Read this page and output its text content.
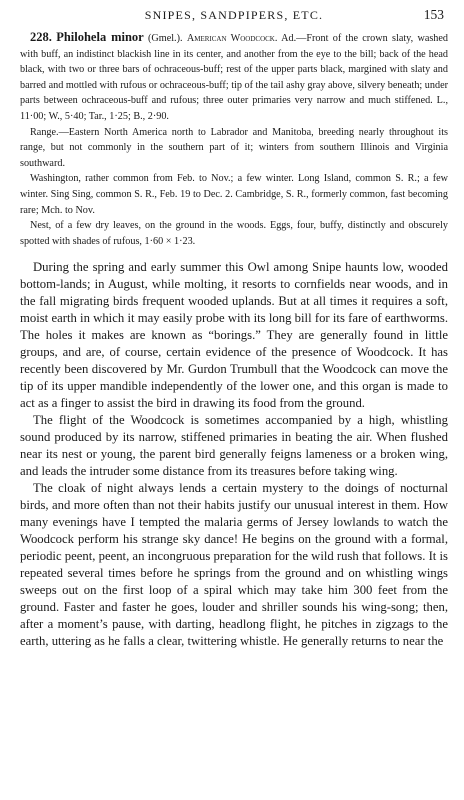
SNIPES, SANDPIPERS, ETC.	153

228. Philohela minor (Gmel.). American Woodcock. Ad.—Front of the crown slaty, washed with buff, an indistinct blackish line in its center, and another from the eye to the bill; back of the head black, with two or three bars of ochraceous-buff; rest of the upper parts black, margined with slaty and barred and mottled with rufous or ochraceous-buff; tip of the tail ashy gray above, silvery beneath; under parts between ochraceous-buff and rufous; three outer primaries very narrow and much stiffened. L., 11·00; W., 5·40; Tar., 1·25; B., 2·90.

Range.—Eastern North America north to Labrador and Manitoba, breeding nearly throughout its range, but not commonly in the southern part of it; winters from southern Illinois and Virginia southward.

Washington, rather common from Feb. to Nov.; a few winter. Long Island, common S. R.; a few winter. Sing Sing, common S. R., Feb. 19 to Dec. 2. Cambridge, S. R., formerly common, fast becoming rare; Mch. to Nov.

Nest, of a few dry leaves, on the ground in the woods. Eggs, four, buffy, distinctly and obscurely spotted with shades of rufous, 1·60 × 1·23.

During the spring and early summer this Owl among Snipe haunts low, wooded bottom-lands; in August, while molting, it resorts to cornfields near woods, and in the fall migrating birds frequent wooded uplands. But at all times it requires a soft, moist earth in which it may easily probe with its long bill for its fare of earthworms. The holes it makes are known as “borings.” They are generally found in little groups, and are, of course, certain evidence of the presence of Woodcock. It has recently been discovered by Mr. Gurdon Trumbull that the Woodcock can move the tip of its upper mandible independently of the lower one, and this organ is made to act as a finger to assist the bird in drawing its food from the ground.

The flight of the Woodcock is sometimes accompanied by a high, whistling sound produced by its narrow, stiffened primaries in beating the air. When flushed near its nest or young, the parent bird generally feigns lameness or a broken wing, and leads the intruder some distance from its treasures before taking wing.

The cloak of night always lends a certain mystery to the doings of nocturnal birds, and more often than not their habits justify our unusual interest in them. How many evenings have I tempted the malaria germs of Jersey lowlands to watch the Woodcock perform his strange sky dance! He begins on the ground with a formal, periodic peent, peent, an incongruous preparation for the wild rush that follows. It is repeated several times before he springs from the ground and on whistling wings sweeps out on the first loop of a spiral which may take him 300 feet from the ground. Faster and faster he goes, louder and shriller sounds his wing-song; then, after a moment’s pause, with darting, headlong flight, he pitches in zigzags to the earth, uttering as he falls a clear, twittering whistle. He generally returns to near the
